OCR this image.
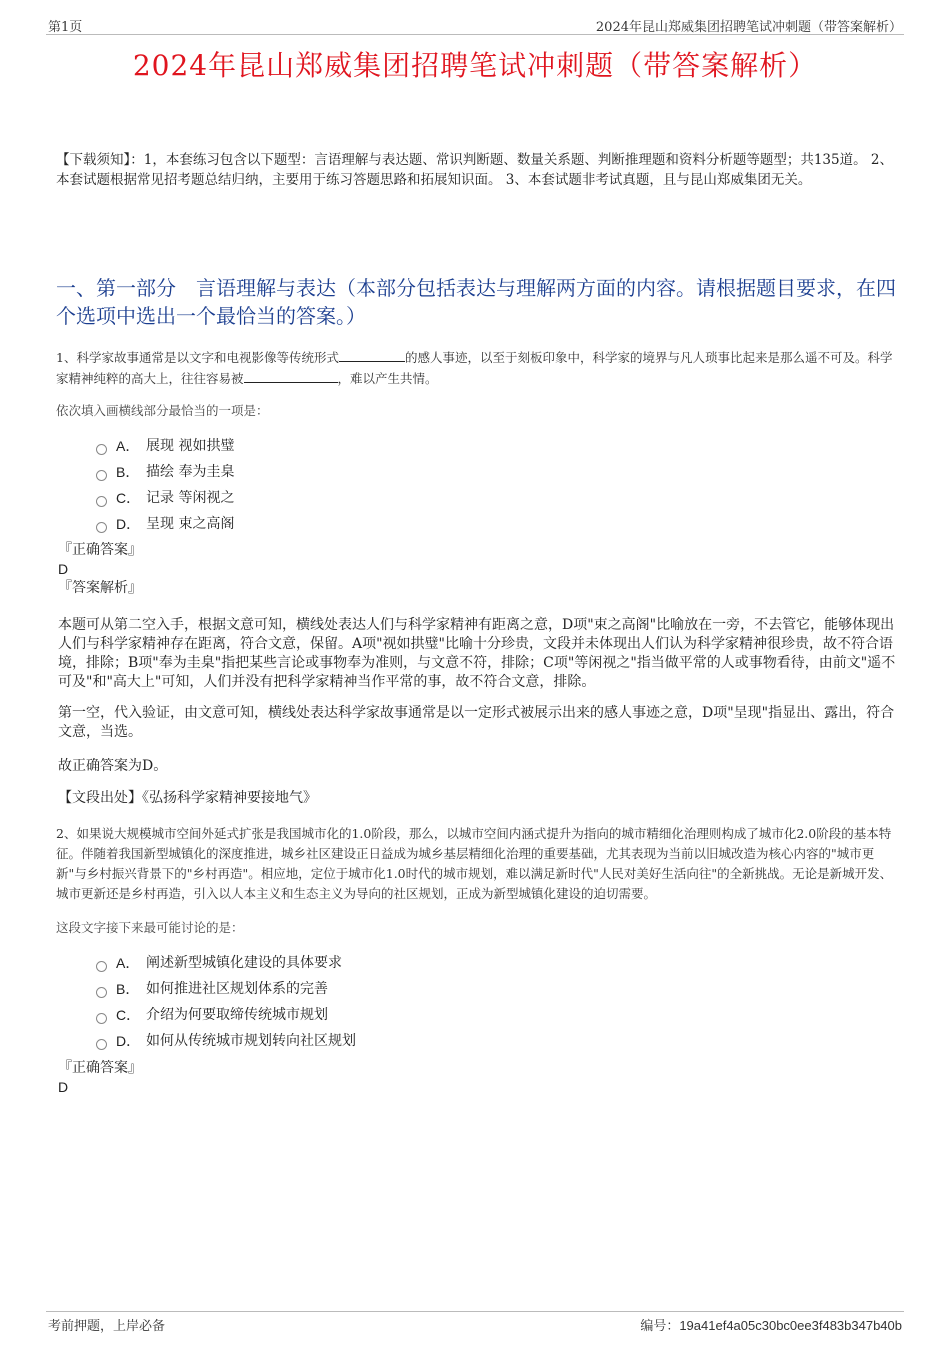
第1页	2024年昆山郑威集团招聘笔试冲刺题（带答案解析）
2024年昆山郑威集团招聘笔试冲刺题（带答案解析）
【下载须知】：1，本套练习包含以下题型：言语理解与表达题、常识判断题、数量关系题、判断推理题和资料分析题等题型；共135道。 2、本套试题根据常见招考题总结归纳，主要用于练习答题思路和拓展知识面。 3、本套试题非考试真题，且与昆山郑威集团无关。
一、第一部分　言语理解与表达（本部分包括表达与理解两方面的内容。请根据题目要求，在四个选项中选出一个最恰当的答案。）
1、科学家故事通常是以文字和电视影像等传统形式	的感人事迹，以至于刻板印象中，科学家的境界与凡人琐事比起来是那么遥不可及。科学家精神纯粹的高大上，往往容易被	，难以产生共情。
依次填入画横线部分最恰当的一项是：
A． 展现 视如拱璧
B． 描绘 奉为圭臬
C． 记录 等闲视之
D． 呈现 束之高阁
『正确答案』
D
『答案解析』
本题可从第二空入手，根据文意可知，横线处表达人们与科学家精神有距离之意，D项"束之高阁"比喻放在一旁，不去管它，能够体现出人们与科学家精神存在距离，符合文意，保留。A项"视如拱璧"比喻十分珍贵，文段并未体现出人们认为科学家精神很珍贵，故不符合语境，排除；B项"奉为圭臬"指把某些言论或事物奉为准则，与文意不符，排除；C项"等闲视之"指当做平常的人或事物看待，由前文"遥不可及"和"高大上"可知，人们并没有把科学家精神当作平常的事，故不符合文意，排除。
第一空，代入验证，由文意可知，横线处表达科学家故事通常是以一定形式被展示出来的感人事迹之意，D项"呈现"指显出、露出，符合文意，当选。
故正确答案为D。
【文段出处】《弘扬科学家精神要接地气》
2、如果说大规模城市空间外延式扩张是我国城市化的1.0阶段，那么，以城市空间内涵式提升为指向的城市精细化治理则构成了城市化2.0阶段的基本特征。伴随着我国新型城镇化的深度推进，城乡社区建设正日益成为城乡基层精细化治理的重要基础，尤其表现为当前以旧城改造为核心内容的"城市更新"与乡村振兴背景下的"乡村再造"。相应地，定位于城市化1.0时代的城市规划，难以满足新时代"人民对美好生活向往"的全新挑战。无论是新城开发、城市更新还是乡村再造，引入以人本主义和生态主义为导向的社区规划，正成为新型城镇化建设的迫切需要。
这段文字接下来最可能讨论的是：
A． 阐述新型城镇化建设的具体要求
B． 如何推进社区规划体系的完善
C． 介绍为何要取缔传统城市规划
D． 如何从传统城市规划转向社区规划
『正确答案』
D
考前押题，上岸必备	编号：19a41ef4a05c30bc0ee3f483b347b40b
